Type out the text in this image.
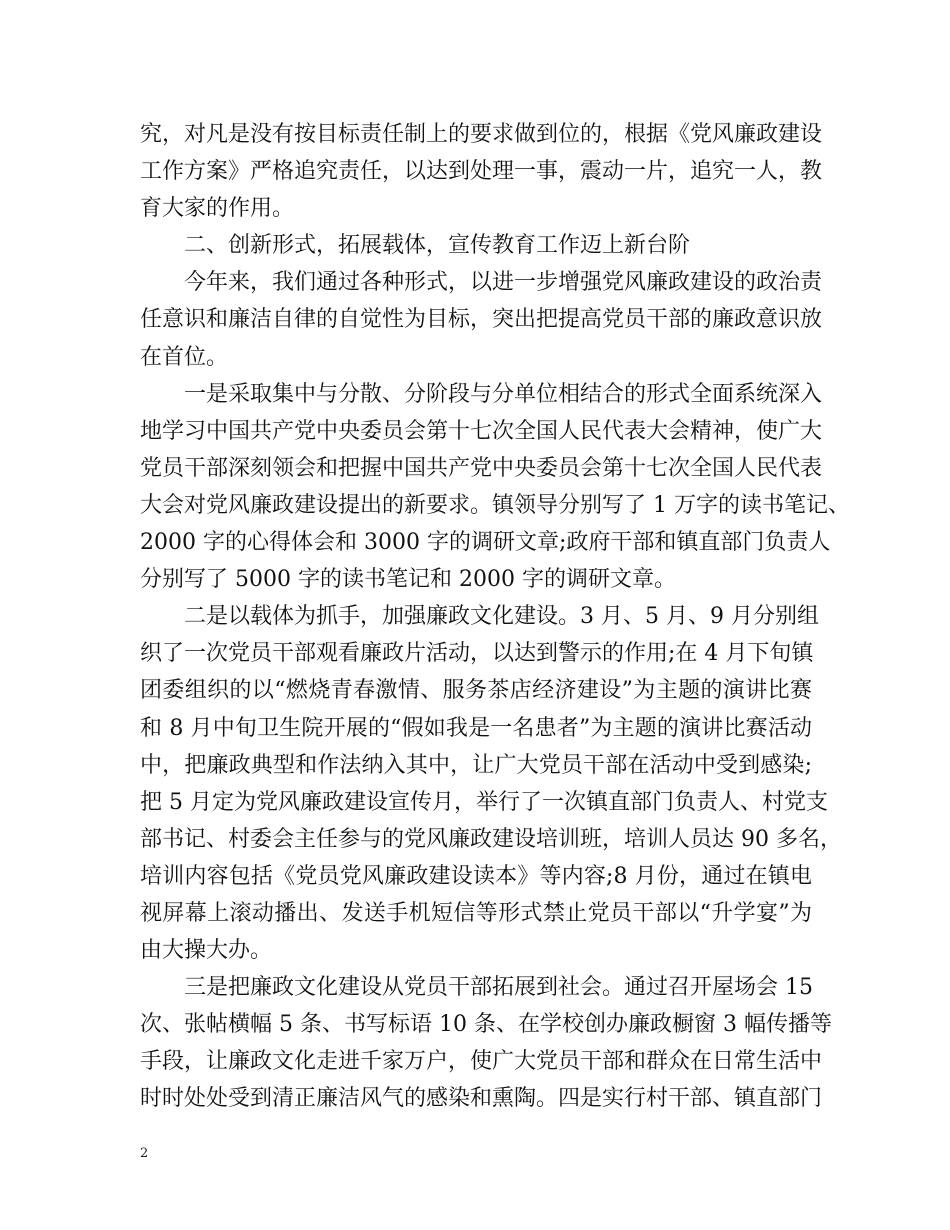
究，对凡是没有按目标责任制上的要求做到位的，根据《党风廉政建设
工作方案》严格追究责任，以达到处理一事，震动一片，追究一人，教
育大家的作用。
二、创新形式，拓展载体，宣传教育工作迈上新台阶
今年来，我们通过各种形式，以进一步增强党风廉政建设的政治责
任意识和廉洁自律的自觉性为目标，突出把提高党员干部的廉政意识放
在首位。
一是采取集中与分散、分阶段与分单位相结合的形式全面系统深入
地学习中国共产党中央委员会第十七次全国人民代表大会精神，使广大
党员干部深刻领会和把握中国共产党中央委员会第十七次全国人民代表
大会对党风廉政建设提出的新要求。镇领导分别写了 1 万字的读书笔记、
2000 字的心得体会和 3000 字的调研文章;政府干部和镇直部门负责人
分别写了 5000 字的读书笔记和 2000 字的调研文章。
二是以载体为抓手，加强廉政文化建设。3 月、5 月、9 月分别组
织了一次党员干部观看廉政片活动，以达到警示的作用;在 4 月下旬镇
团委组织的以“燃烧青春激情、服务茶店经济建设”为主题的演讲比赛
和 8 月中旬卫生院开展的“假如我是一名患者”为主题的演讲比赛活动
中，把廉政典型和作法纳入其中，让广大党员干部在活动中受到感染;
把 5 月定为党风廉政建设宣传月，举行了一次镇直部门负责人、村党支
部书记、村委会主任参与的党风廉政建设培训班，培训人员达 90 多名，
培训内容包括《党员党风廉政建设读本》等内容;8 月份，通过在镇电
视屏幕上滚动播出、发送手机短信等形式禁止党员干部以“升学宴”为
由大操大办。
三是把廉政文化建设从党员干部拓展到社会。通过召开屋场会 15
次、张帖横幅 5 条、书写标语 10 条、在学校创办廉政橱窗 3 幅传播等
手段，让廉政文化走进千家万户，使广大党员干部和群众在日常生活中
时时处处受到清正廉洁风气的感染和熏陶。四是实行村干部、镇直部门
2
